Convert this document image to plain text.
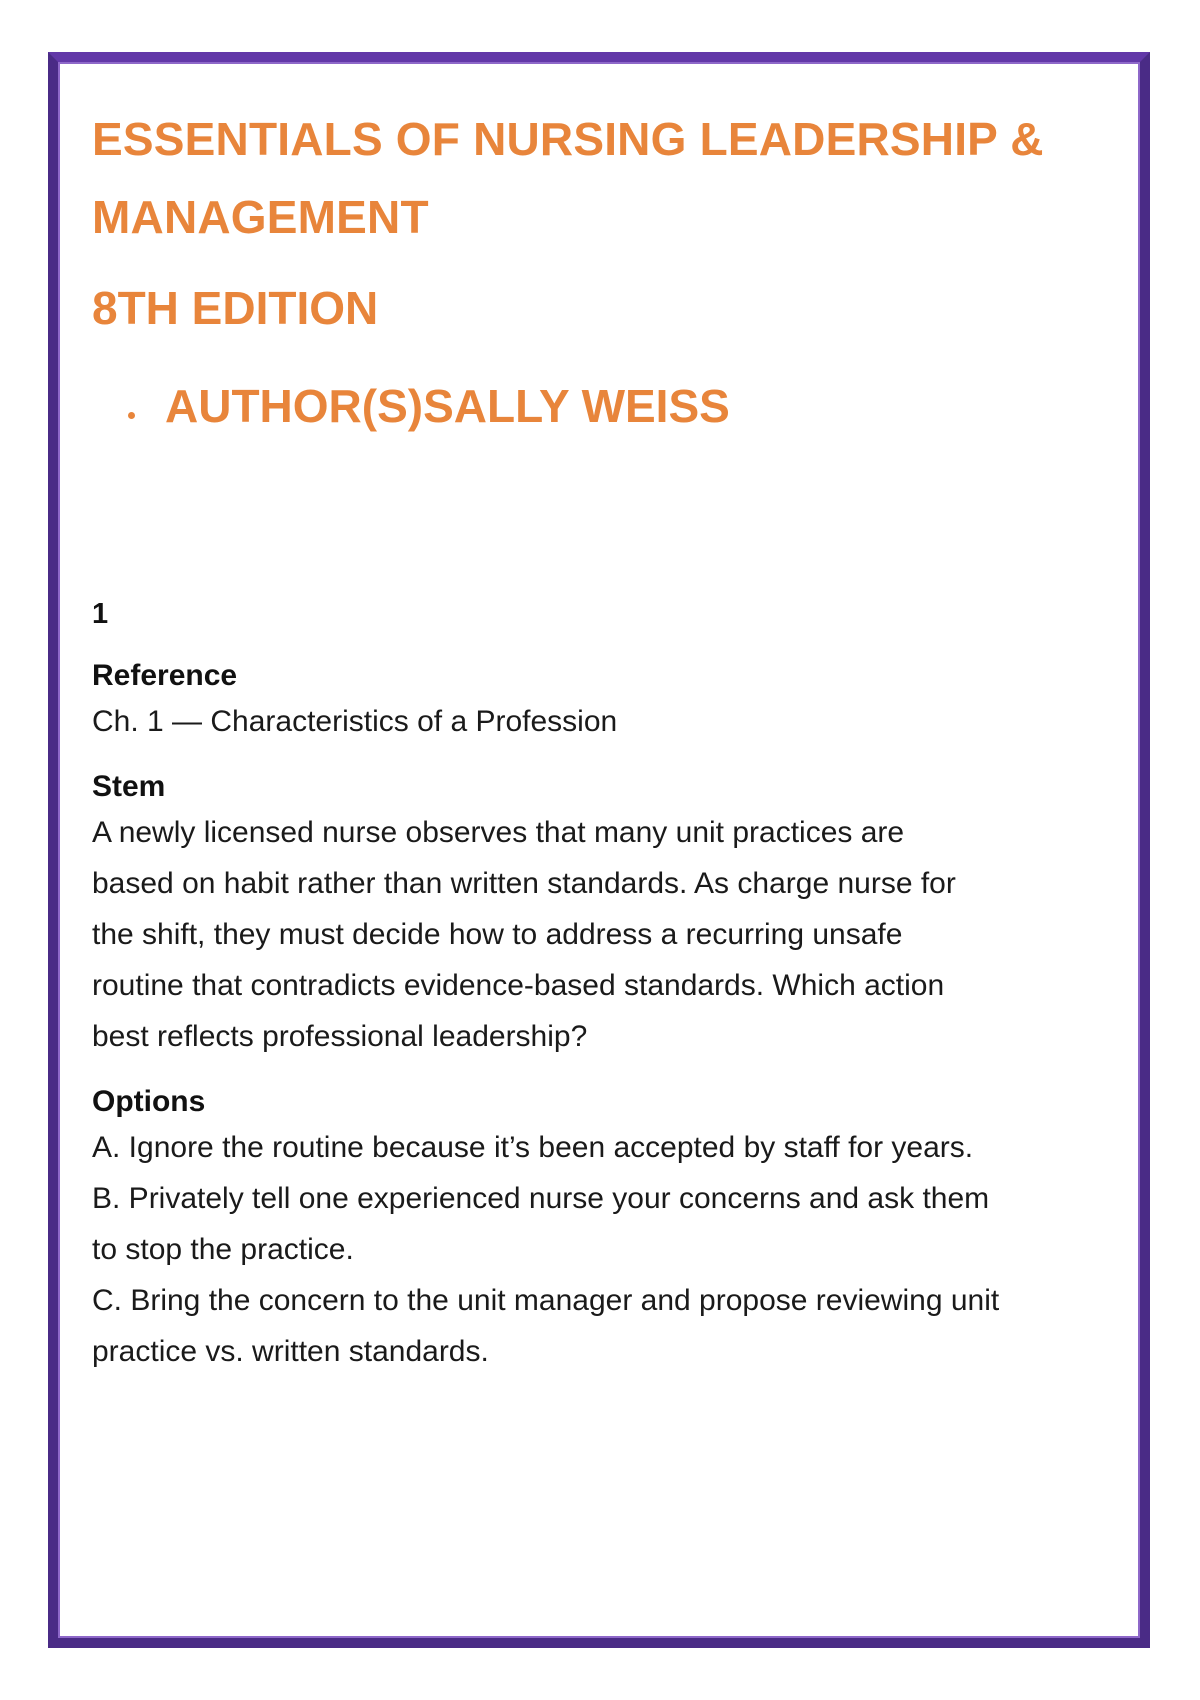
ESSENTIALS OF NURSING LEADERSHIP & MANAGEMENT
8TH EDITION
AUTHOR(S)SALLY WEISS
1
Reference

Ch. 1 — Characteristics of a Profession

Stem

A newly licensed nurse observes that many unit practices are based on habit rather than written standards. As charge nurse for the shift, they must decide how to address a recurring unsafe routine that contradicts evidence-based standards. Which action best reflects professional leadership?

Options

A. Ignore the routine because it’s been accepted by staff for years.

B. Privately tell one experienced nurse your concerns and ask them to stop the practice.

C. Bring the concern to the unit manager and propose reviewing unit practice vs. written standards.
